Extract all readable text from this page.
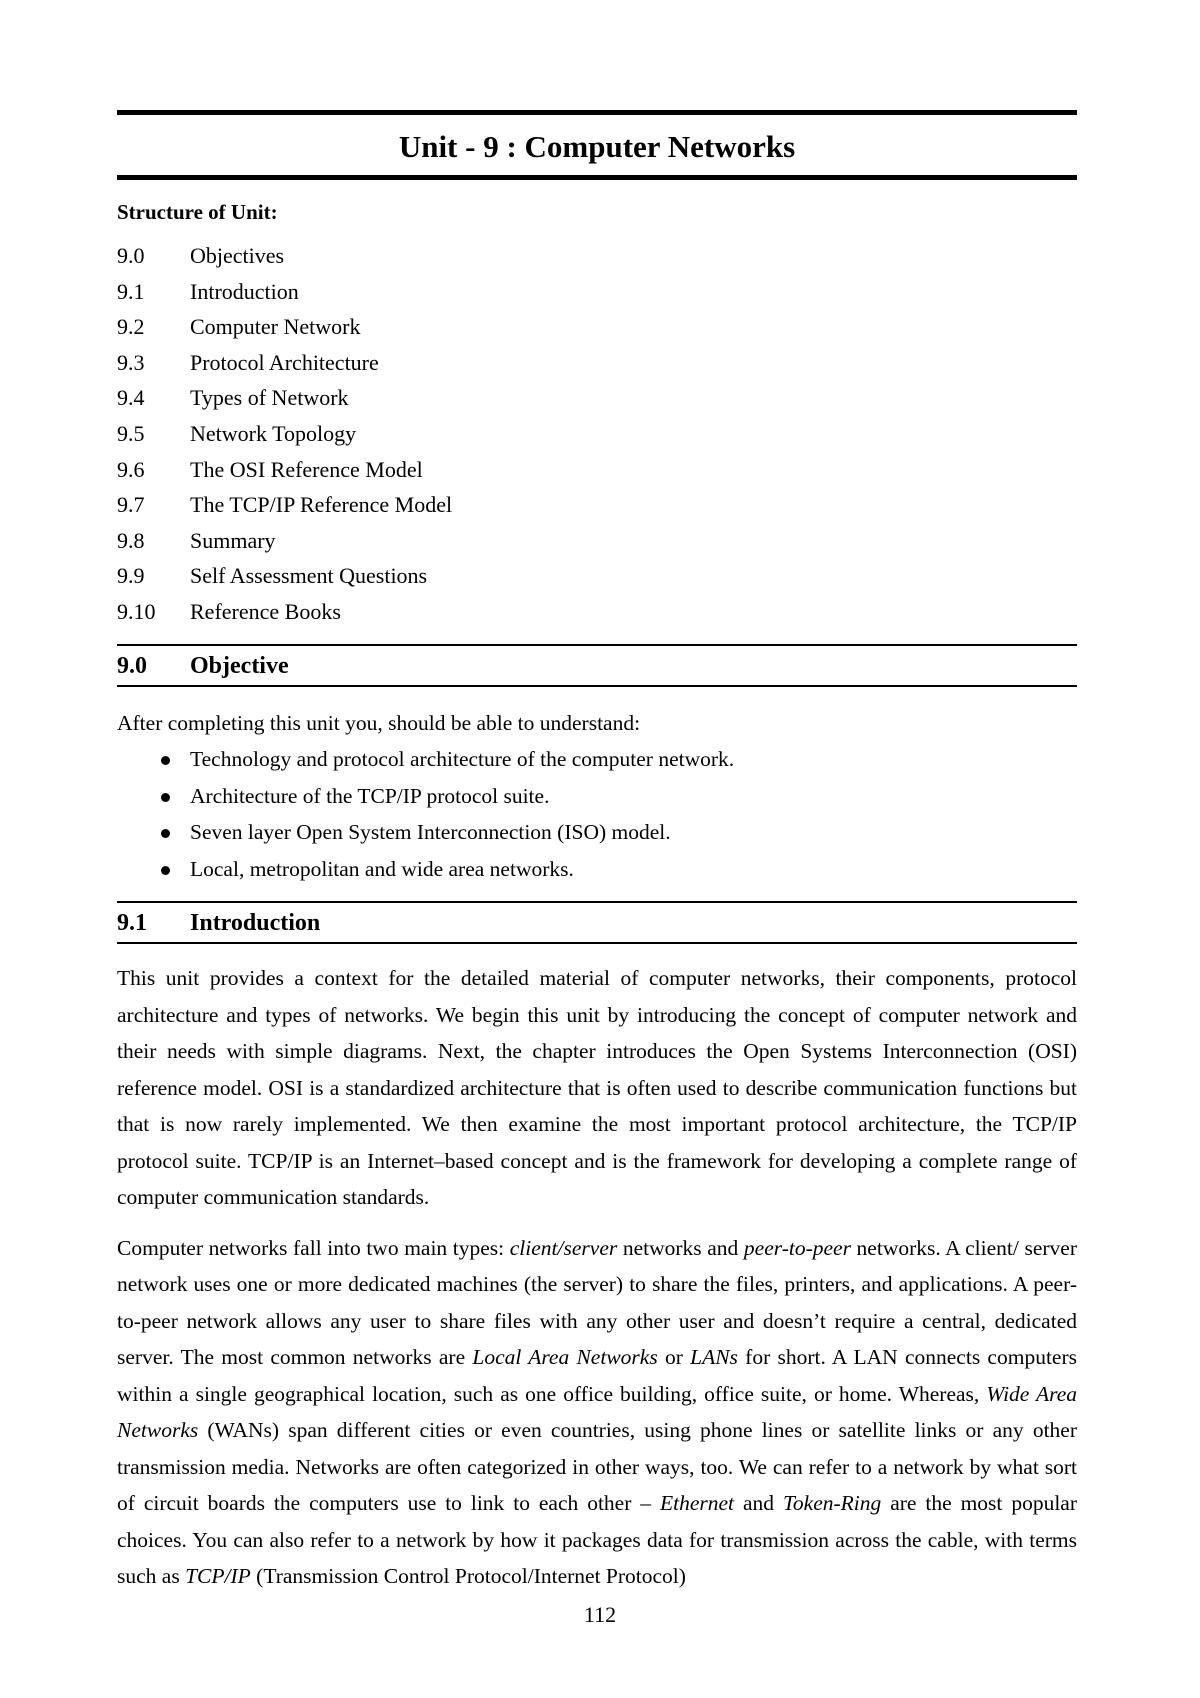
Unit - 9 : Computer Networks
Structure of Unit:
9.0	Objectives
9.1	Introduction
9.2	Computer Network
9.3	Protocol Architecture
9.4	Types of Network
9.5	Network Topology
9.6	The OSI Reference Model
9.7	The TCP/IP Reference Model
9.8	Summary
9.9	Self Assessment Questions
9.10	Reference Books
9.0	Objective
After completing this unit you, should be able to understand:
Technology and protocol architecture of the computer network.
Architecture of the TCP/IP protocol suite.
Seven layer Open System Interconnection (ISO) model.
Local, metropolitan and wide area networks.
9.1	Introduction
This unit provides a context for the detailed material of computer networks, their components, protocol architecture and types of networks. We begin this unit by introducing the concept of computer network and their needs with simple diagrams. Next, the chapter introduces the Open Systems Interconnection (OSI) reference model. OSI is a standardized architecture that is often used to describe communication functions but that is now rarely implemented. We then examine the most important protocol architecture, the TCP/IP protocol suite. TCP/IP is an Internet–based concept and is the framework for developing a complete range of computer communication standards.
Computer networks fall into two main types: client/server networks and peer-to-peer networks. A client/ server network uses one or more dedicated machines (the server) to share the files, printers, and applications. A peer-to-peer network allows any user to share files with any other user and doesn’t require a central, dedicated server. The most common networks are Local Area Networks or LANs for short. A LAN connects computers within a single geographical location, such as one office building, office suite, or home. Whereas, Wide Area Networks (WANs) span different cities or even countries, using phone lines or satellite links or any other transmission media. Networks are often categorized in other ways, too. We can refer to a network by what sort of circuit boards the computers use to link to each other – Ethernet and Token-Ring are the most popular choices. You can also refer to a network by how it packages data for transmission across the cable, with terms such as TCP/IP (Transmission Control Protocol/Internet Protocol)
112
